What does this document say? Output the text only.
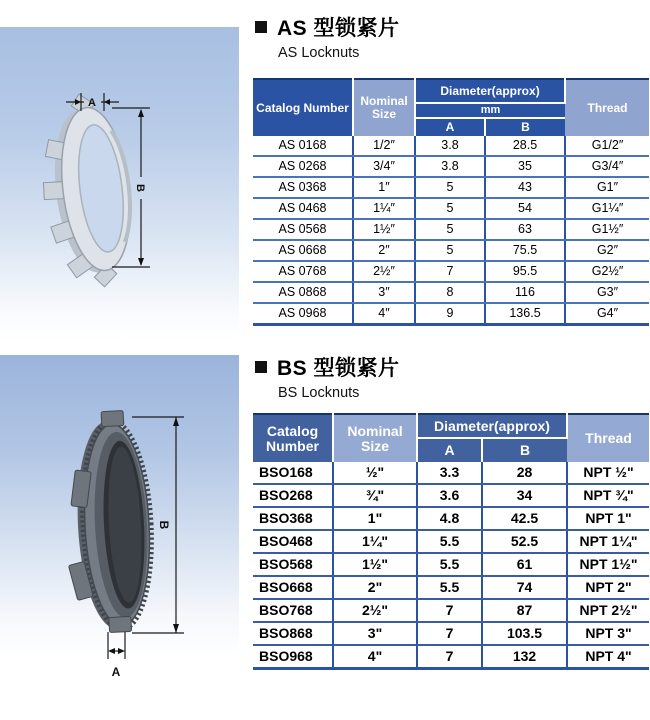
A
B
B
A
AS 型锁紧片
AS Locknuts
Catalog Number	Nominal Size	Diameter(approx)		Thread
		mm		
		A	B	
AS 0168	1/2″	3.8	28.5	G1/2″
AS 0268	3/4″	3.8	35	G3/4″
AS 0368	1″	5	43	G1″
AS 0468	1¼″	5	54	G1¼″
AS 0568	1½″	5	63	G1½″
AS 0668	2″	5	75.5	G2″
AS 0768	2½″	7	95.5	G2½″
AS 0868	3″	8	116	G3″
AS 0968	4″	9	136.5	G4″
BS 型锁紧片
BS Locknuts
Catalog Number	Nominal Size	Diameter(approx)		Thread
		A	B	
BSO168	½"	3.3	28	NPT ½"
BSO268	¾"	3.6	34	NPT ¾"
BSO368	1"	4.8	42.5	NPT 1"
BSO468	1¼"	5.5	52.5	NPT 1¼"
BSO568	1½"	5.5	61	NPT 1½"
BSO668	2"	5.5	74	NPT 2"
BSO768	2½"	7	87	NPT 2½"
BSO868	3"	7	103.5	NPT 3"
BSO968	4"	7	132	NPT 4"
